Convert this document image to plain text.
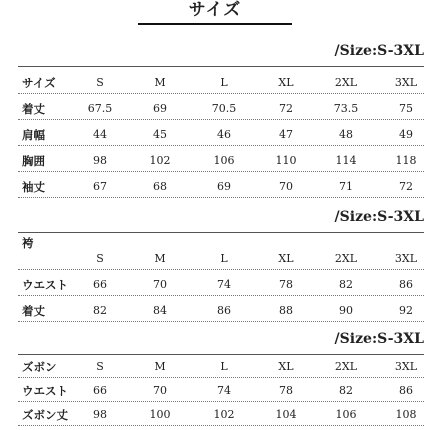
サイズ
/Size:S-3XL
サイズ	S	M	L	XL	2XL	3XL
着丈	67.5	69	70.5	72	73.5	75
肩幅	44	45	46	47	48	49
胸囲	98	102	106	110	114	118
袖丈	67	68	69	70	71	72
/Size:S-3XL
袴
S	M	L	XL	2XL	3XL
ウエスト	66	70	74	78	82	86
着丈	82	84	86	88	90	92
/Size:S-3XL
ズボン	S	M	L	XL	2XL	3XL
ウエスト	66	70	74	78	82	86
ズボン丈	98	100	102	104	106	108
